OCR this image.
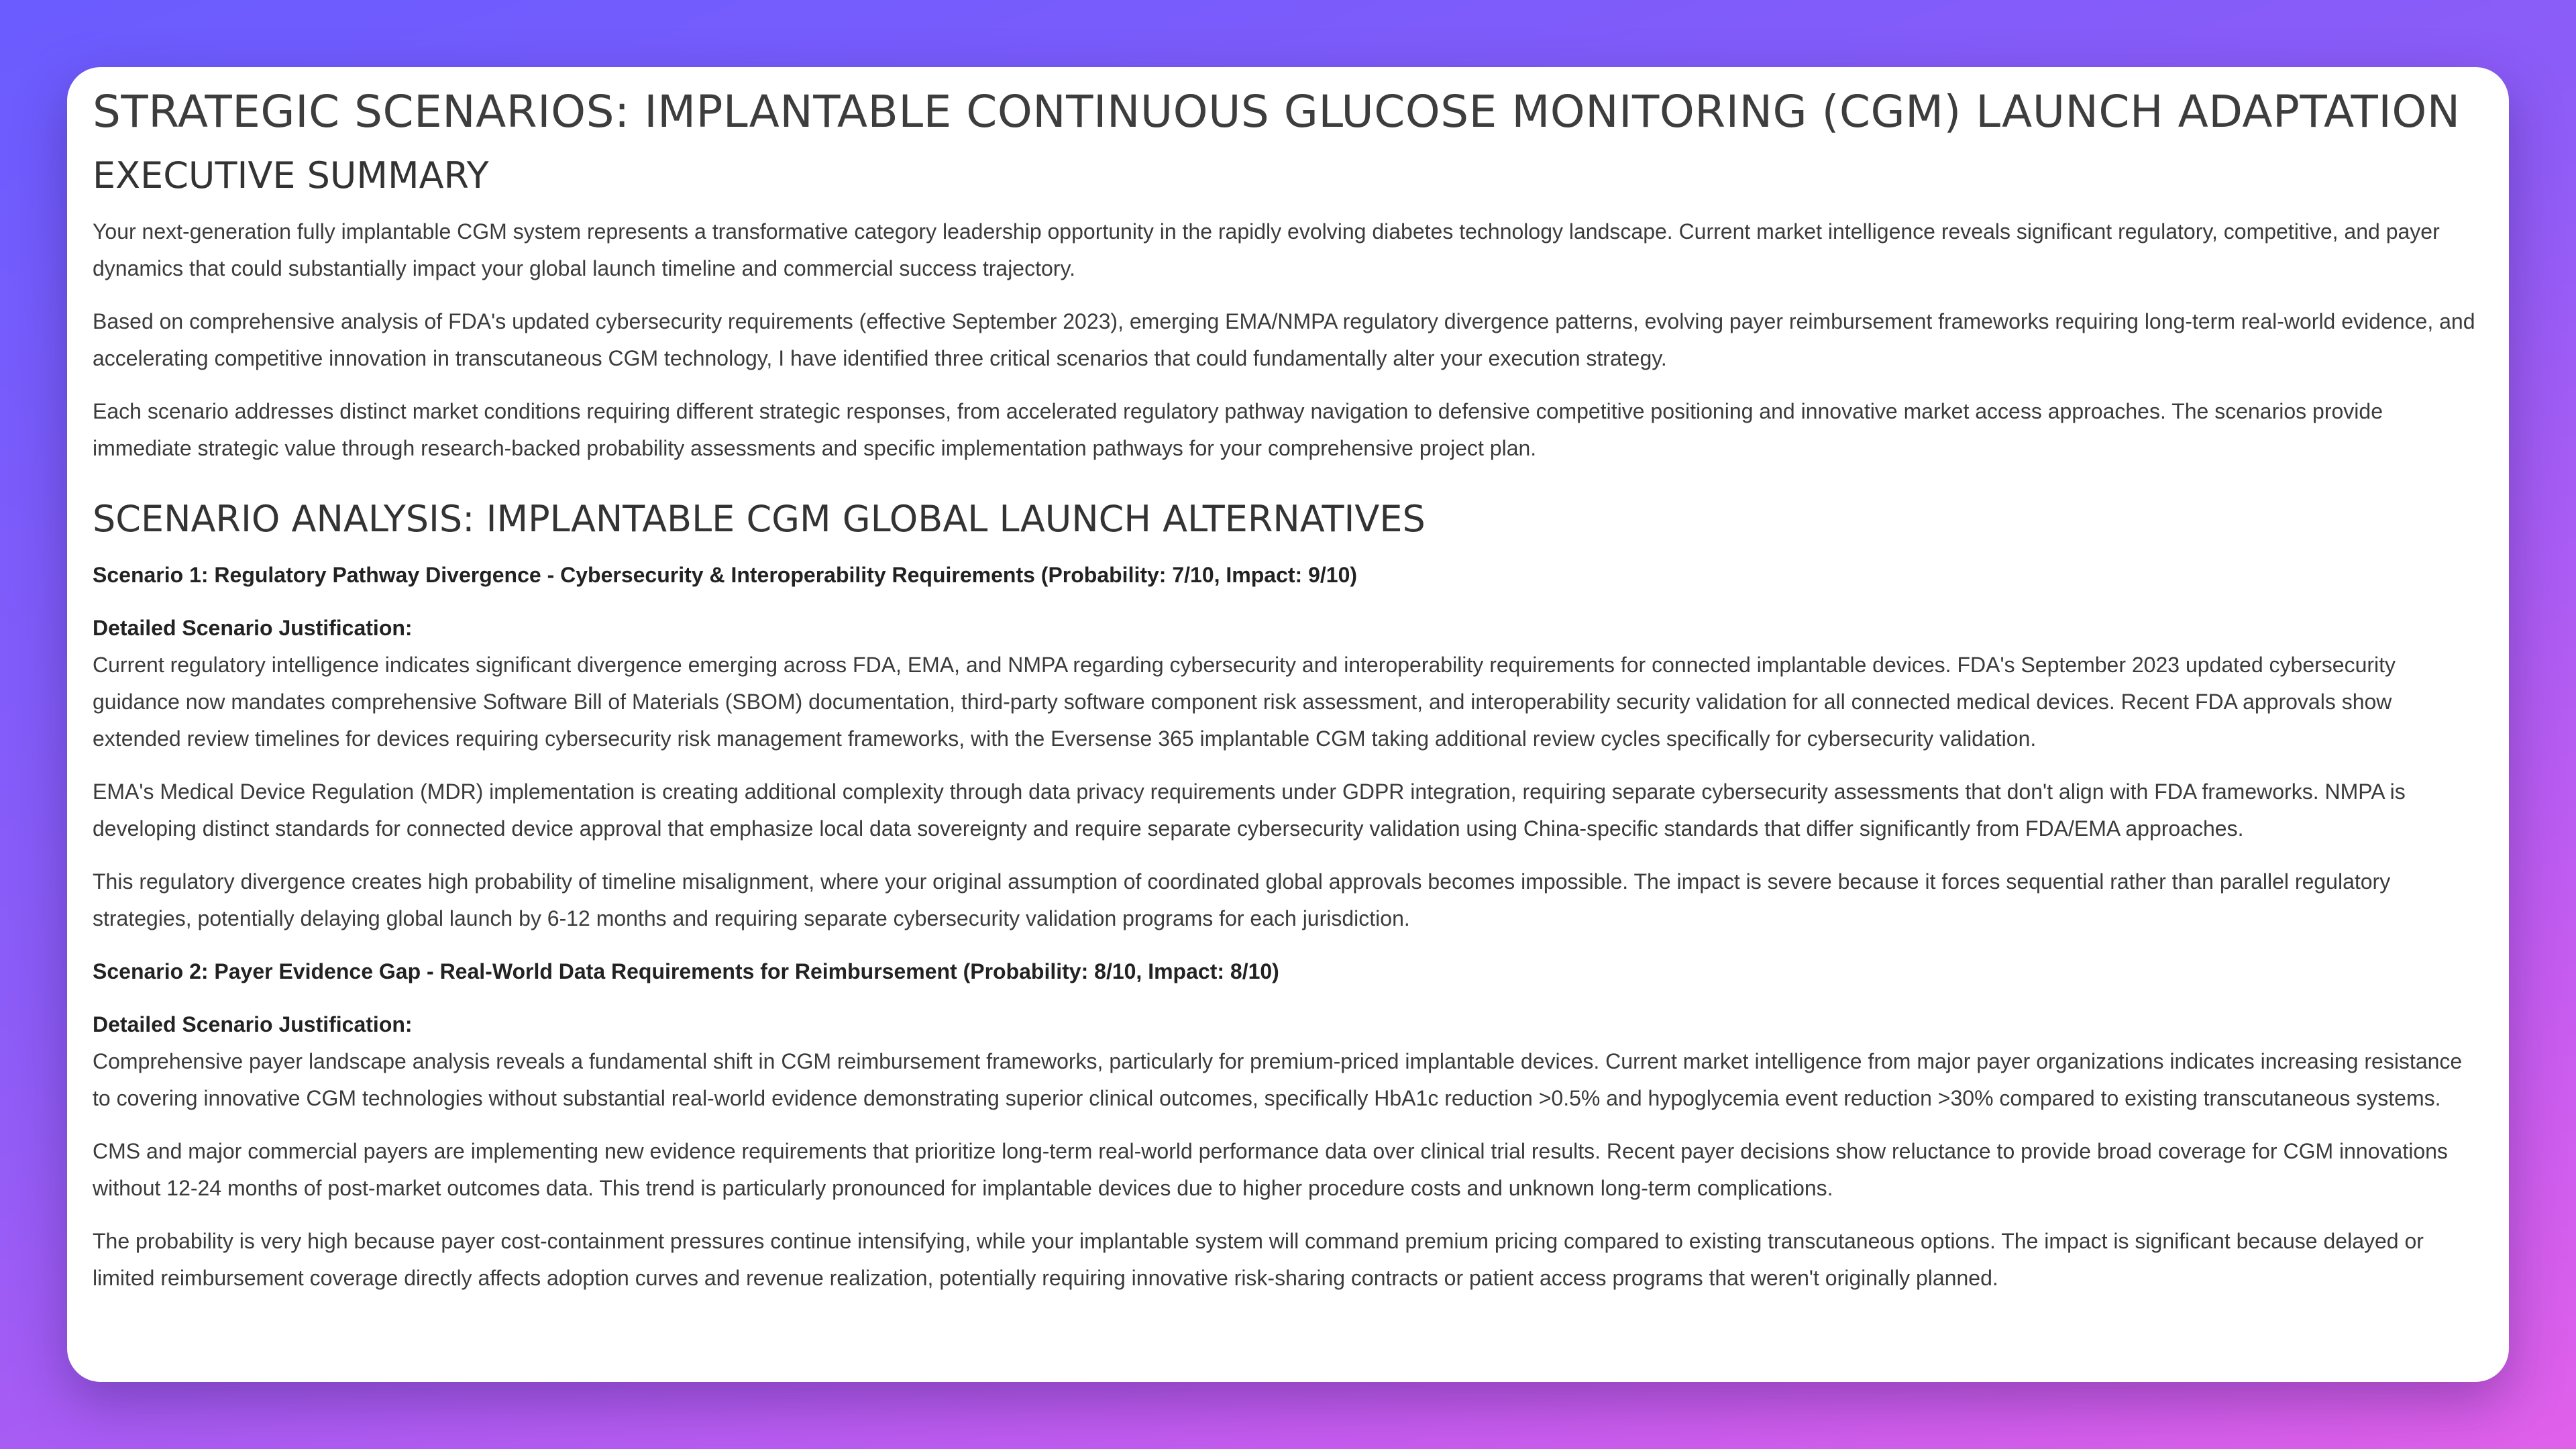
STRATEGIC SCENARIOS: IMPLANTABLE CONTINUOUS GLUCOSE MONITORING (CGM) LAUNCH ADAPTATION
EXECUTIVE SUMMARY

Your next-generation fully implantable CGM system represents a transformative category leadership opportunity in the rapidly evolving diabetes technology landscape. Current market intelligence reveals significant regulatory, competitive, and payer dynamics that could substantially impact your global launch timeline and commercial success trajectory.

Based on comprehensive analysis of FDA's updated cybersecurity requirements (effective September 2023), emerging EMA/NMPA regulatory divergence patterns, evolving payer reimbursement frameworks requiring long-term real-world evidence, and accelerating competitive innovation in transcutaneous CGM technology, I have identified three critical scenarios that could fundamentally alter your execution strategy.

Each scenario addresses distinct market conditions requiring different strategic responses, from accelerated regulatory pathway navigation to defensive competitive positioning and innovative market access approaches. The scenarios provide immediate strategic value through research-backed probability assessments and specific implementation pathways for your comprehensive project plan.

SCENARIO ANALYSIS: IMPLANTABLE CGM GLOBAL LAUNCH ALTERNATIVES

Scenario 1: Regulatory Pathway Divergence - Cybersecurity & Interoperability Requirements (Probability: 7/10, Impact: 9/10)

Detailed Scenario Justification:
Current regulatory intelligence indicates significant divergence emerging across FDA, EMA, and NMPA regarding cybersecurity and interoperability requirements for connected implantable devices. FDA's September 2023 updated cybersecurity guidance now mandates comprehensive Software Bill of Materials (SBOM) documentation, third-party software component risk assessment, and interoperability security validation for all connected medical devices. Recent FDA approvals show extended review timelines for devices requiring cybersecurity risk management frameworks, with the Eversense 365 implantable CGM taking additional review cycles specifically for cybersecurity validation.

EMA's Medical Device Regulation (MDR) implementation is creating additional complexity through data privacy requirements under GDPR integration, requiring separate cybersecurity assessments that don't align with FDA frameworks. NMPA is developing distinct standards for connected device approval that emphasize local data sovereignty and require separate cybersecurity validation using China-specific standards that differ significantly from FDA/EMA approaches.

This regulatory divergence creates high probability of timeline misalignment, where your original assumption of coordinated global approvals becomes impossible. The impact is severe because it forces sequential rather than parallel regulatory strategies, potentially delaying global launch by 6-12 months and requiring separate cybersecurity validation programs for each jurisdiction.

Scenario 2: Payer Evidence Gap - Real-World Data Requirements for Reimbursement (Probability: 8/10, Impact: 8/10)

Detailed Scenario Justification:
Comprehensive payer landscape analysis reveals a fundamental shift in CGM reimbursement frameworks, particularly for premium-priced implantable devices. Current market intelligence from major payer organizations indicates increasing resistance to covering innovative CGM technologies without substantial real-world evidence demonstrating superior clinical outcomes, specifically HbA1c reduction >0.5% and hypoglycemia event reduction >30% compared to existing transcutaneous systems.

CMS and major commercial payers are implementing new evidence requirements that prioritize long-term real-world performance data over clinical trial results. Recent payer decisions show reluctance to provide broad coverage for CGM innovations without 12-24 months of post-market outcomes data. This trend is particularly pronounced for implantable devices due to higher procedure costs and unknown long-term complications.

The probability is very high because payer cost-containment pressures continue intensifying, while your implantable system will command premium pricing compared to existing transcutaneous options. The impact is significant because delayed or limited reimbursement coverage directly affects adoption curves and revenue realization, potentially requiring innovative risk-sharing contracts or patient access programs that weren't originally planned.
